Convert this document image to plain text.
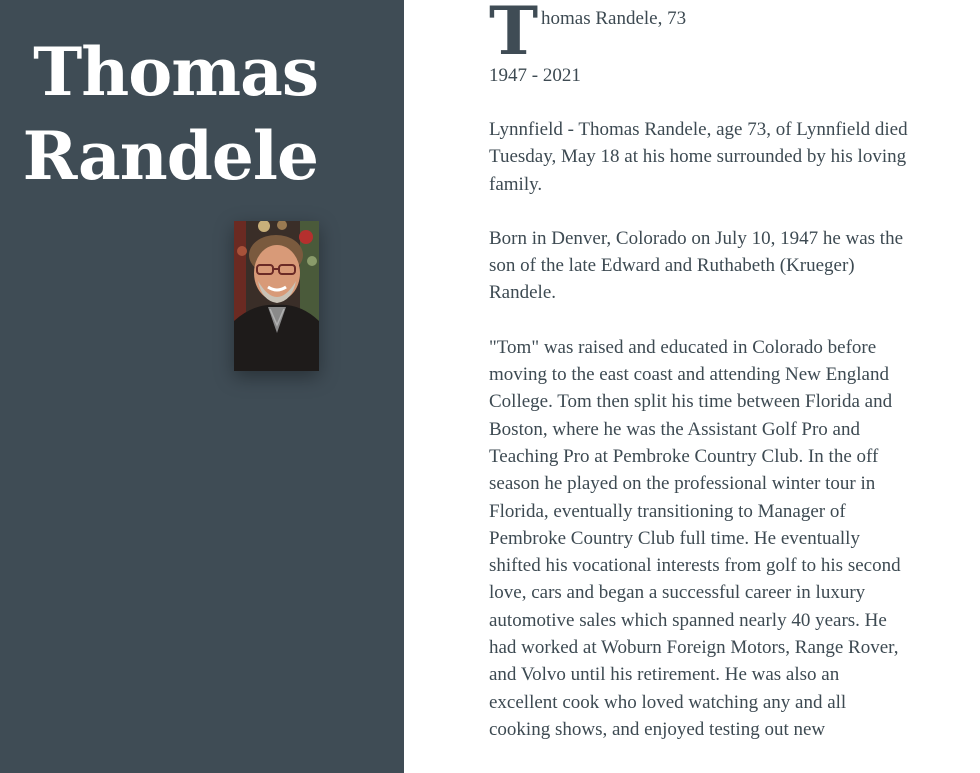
Thomas
Randele
T homas Randele, 73

1947 - 2021

Lynnfield - Thomas Randele, age 73, of Lynnfield died Tuesday, May 18 at his home surrounded by his loving family.

Born in Denver, Colorado on July 10, 1947 he was the son of the late Edward and Ruthabeth (Krueger) Randele.

"Tom" was raised and educated in Colorado before moving to the east coast and attending New England College. Tom then split his time between Florida and Boston, where he was the Assistant Golf Pro and Teaching Pro at Pembroke Country Club. In the off season he played on the professional winter tour in Florida, eventually transitioning to Manager of Pembroke Country Club full time. He eventually shifted his vocational interests from golf to his second love, cars and began a successful career in luxury automotive sales which spanned nearly 40 years. He had worked at Woburn Foreign Motors, Range Rover, and Volvo until his retirement. He was also an excellent cook who loved watching any and all cooking shows, and enjoyed testing out new
